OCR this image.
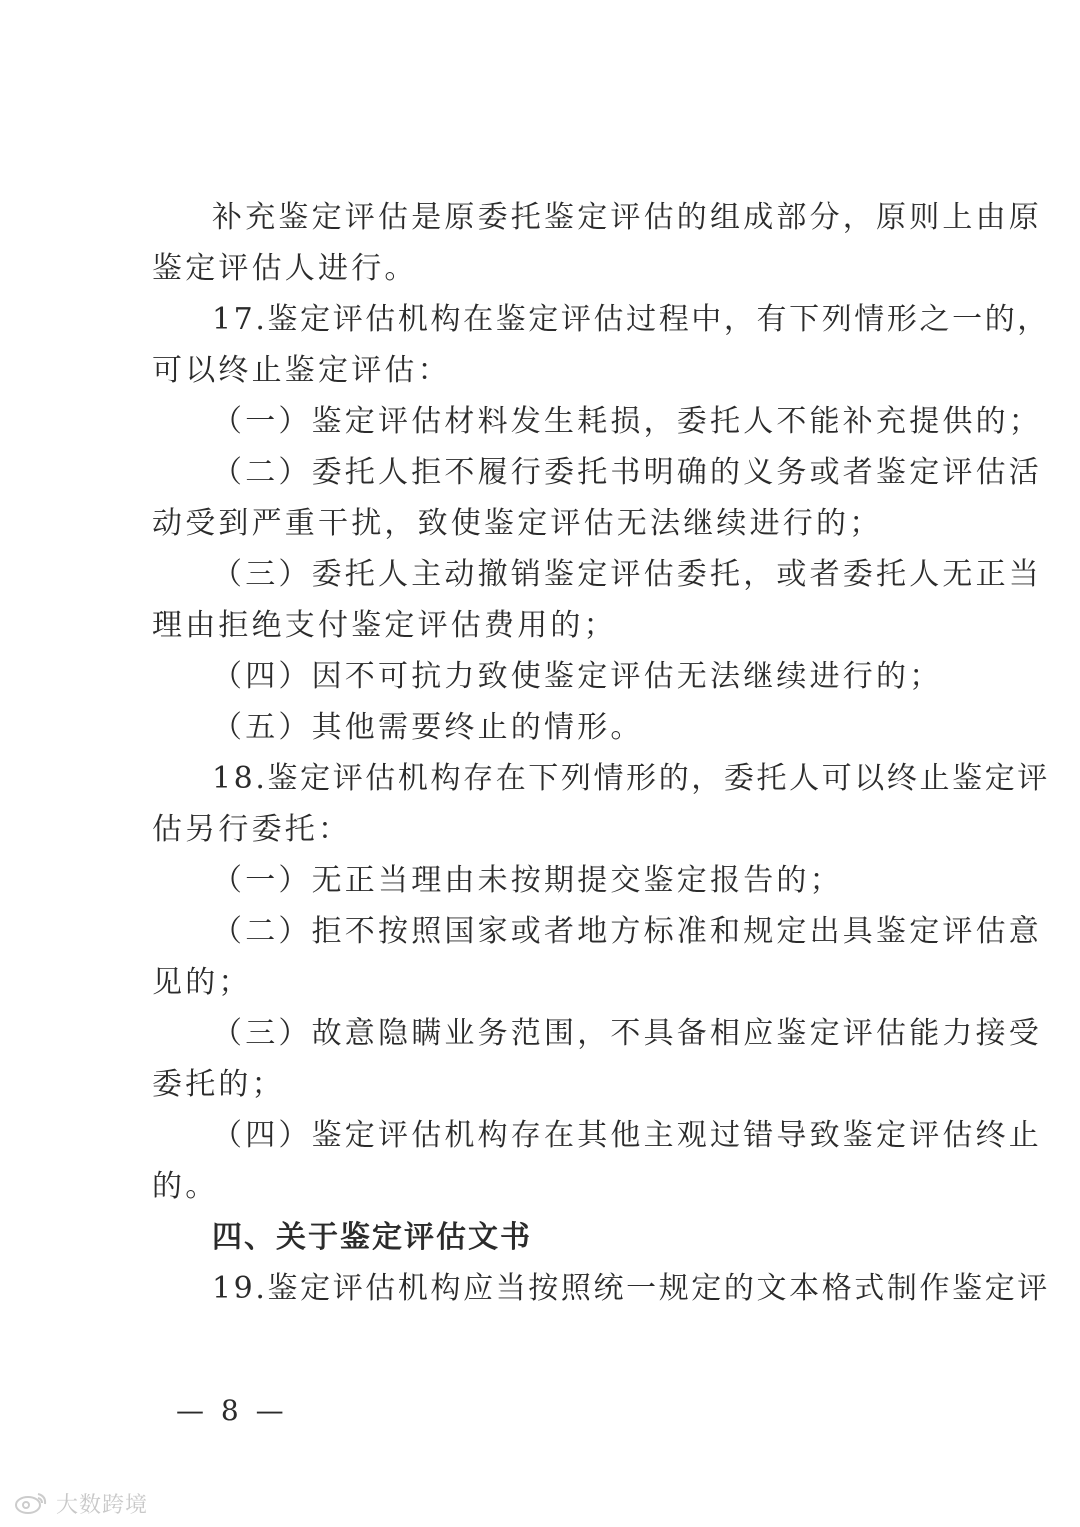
补充鉴定评估是原委托鉴定评估的组成部分，原则上由原
鉴定评估人进行。
17.鉴定评估机构在鉴定评估过程中，有下列情形之一的，
可以终止鉴定评估：
（一）鉴定评估材料发生耗损，委托人不能补充提供的；
（二）委托人拒不履行委托书明确的义务或者鉴定评估活
动受到严重干扰，致使鉴定评估无法继续进行的；
（三）委托人主动撤销鉴定评估委托，或者委托人无正当
理由拒绝支付鉴定评估费用的；
（四）因不可抗力致使鉴定评估无法继续进行的；
（五）其他需要终止的情形。
18.鉴定评估机构存在下列情形的，委托人可以终止鉴定评
估另行委托：
（一）无正当理由未按期提交鉴定报告的；
（二）拒不按照国家或者地方标准和规定出具鉴定评估意
见的；
（三）故意隐瞒业务范围，不具备相应鉴定评估能力接受
委托的；
（四）鉴定评估机构存在其他主观过错导致鉴定评估终止
的。
四、关于鉴定评估文书
19.鉴定评估机构应当按照统一规定的文本格式制作鉴定评
— 8 —
大数跨境
